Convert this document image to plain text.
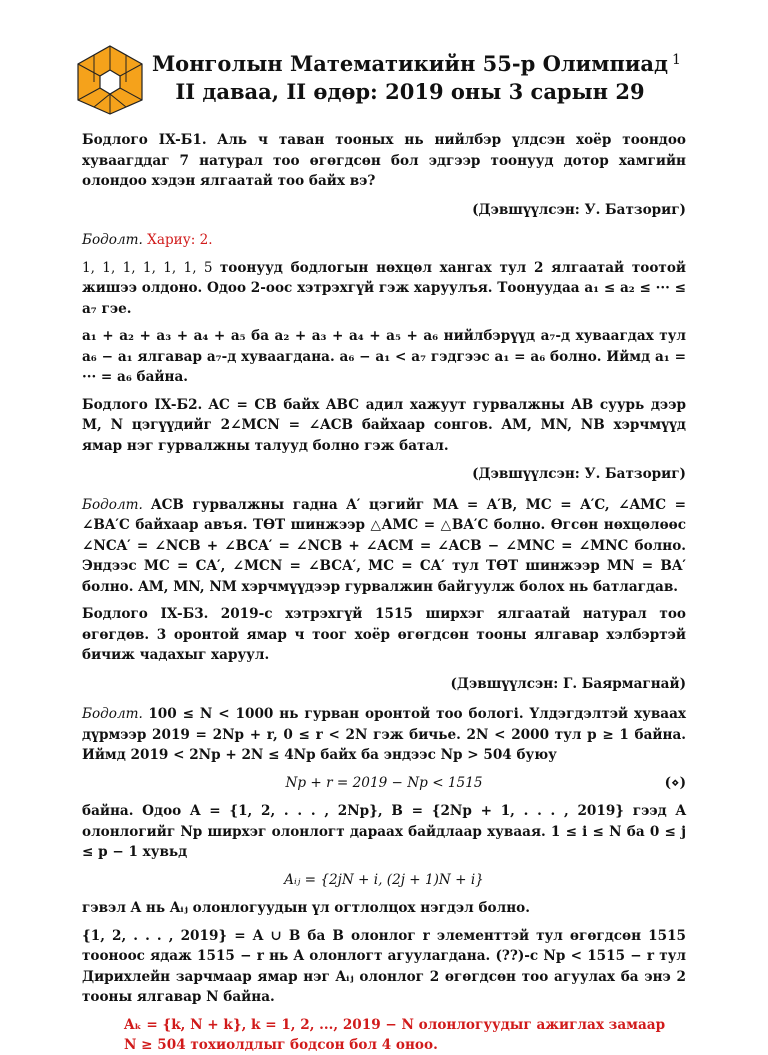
Монголын Математикийн 55-р Олимпиад
II даваа, II өдөр: 2019 оны 3 сарын 29
1

Бодлого IX-Б1. Аль ч таван тооных нь нийлбэр үлдсэн хоёр тоондоо хуваагддаг 7 натурал тоо өгөгдсөн бол эдгээр тоонууд дотор хамгийн олондоо хэдэн ялгаатай тоо байх вэ?

(Дэвшүүлсэн: У. Батзориг)

Бодолт. Хариу: 2.

1, 1, 1, 1, 1, 1, 5 тоонууд бодлогын нөхцөл хангах тул 2 ялгаатай тоотой жишээ олдоно. Одоо 2-оос хэтрэхгүй гэж харуулъя. Тоонуудаа a₁ ≤ a₂ ≤ ··· ≤ a₇ гэе.

a₁ + a₂ + a₃ + a₄ + a₅ ба a₂ + a₃ + a₄ + a₅ + a₆ нийлбэрүүд a₇-д хуваагдах тул a₆ − a₁ ялгавар a₇-д хуваагдана. a₆ − a₁ < a₇ гэдгээс a₁ = a₆ болно. Иймд a₁ = ··· = a₆ байна.

Бодлого IX-Б2. AC = CB байх ABC адил хажуут гурвалжны AB суурь дээр M, N цэгүүдийг 2∠MCN = ∠ACB байхаар сонгов. AM, MN, NB хэрчмүүд ямар нэг гурвалжны талууд болно гэж батал.

(Дэвшүүлсэн: У. Батзориг)

Бодолт. ACB гурвалжны гадна A′ цэгийг MA = A′B, MC = A′C, ∠AMC = ∠BA′C байхаар авъя. ТӨТ шинжээр △AMC = △BA′C болно. Өгсөн нөхцөлөөс ∠NCA′ = ∠NCB + ∠BCA′ = ∠NCB + ∠ACM = ∠ACB − ∠MNC = ∠MNC болно. Эндээс MC = CA′, ∠MCN = ∠BCA′, MC = CA′ тул ТӨТ шинжээр MN = BA′ болно. AM, MN, NM хэрчмүүдээр гурвалжин байгуулж болох нь батлагдав.

Бодлого IX-Б3. 2019-с хэтрэхгүй 1515 ширхэг ялгаатай натурал тоо өгөгдөв. 3 оронтой ямар ч тоог хоёр өгөгдсөн тооны ялгавар хэлбэртэй бичиж чадахыг харуул.

(Дэвшүүлсэн: Г. Баярмагнай)

Бодолт. 100 ≤ N < 1000 нь гурван оронтой тоо бологі. Үлдэгдэлтэй хуваах дүрмээр 2019 = 2Np + r, 0 ≤ r < 2N гэж бичье. 2N < 2000 тул p ≥ 1 байна. Иймд 2019 < 2Np + 2N ≤ 4Np байх ба эндээс Np > 504 буюу

Np + r = 2019 − Np < 1515	(⋄)

байна. Одоо A = {1, 2, . . . , 2Np}, B = {2Np + 1, . . . , 2019} гээд A олонлогийг Np ширхэг олонлогт дараах байдлаар хуваая. 1 ≤ i ≤ N ба 0 ≤ j ≤ p − 1 хувьд

Aᵢⱼ = {2jN + i, (2j + 1)N + i}

гэвэл A нь Aᵢⱼ олонлогуудын үл огтлолцох нэгдэл болно.

{1, 2, . . . , 2019} = A ∪ B ба B олонлог r элементтэй тул өгөгдсөн 1515 тооноос ядаж 1515 − r нь A олонлогт агуулагдана. (??)-с Np < 1515 − r тул Дирихлейн зарчмаар ямар нэг Aᵢⱼ олонлог 2 өгөгдсөн тоо агуулах ба энэ 2 тооны ялгавар N байна.

Aₖ = {k, N + k}, k = 1, 2, ..., 2019 − N олонлогуудыг ажиглах замаар
N ≥ 504 тохиолдлыг бодсон бол 4 оноо.
